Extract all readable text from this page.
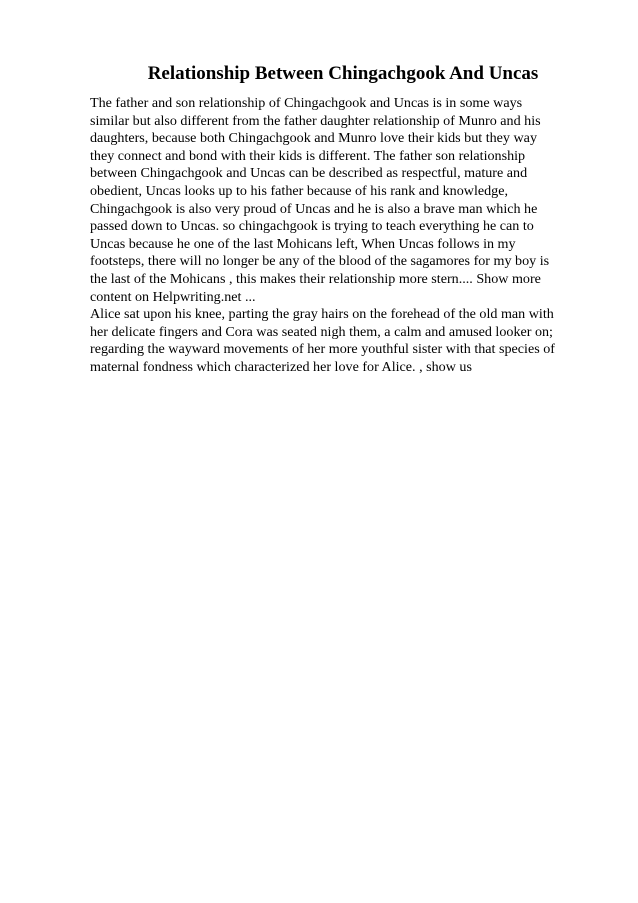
Relationship Between Chingachgook And Uncas
The father and son relationship of Chingachgook and Uncas is in some ways
similar but also different from the father daughter relationship of Munro and his
daughters, because both Chingachgook and Munro love their kids but they way
they connect and bond with their kids is different. The father son relationship
between Chingachgook and Uncas can be described as respectful, mature and
obedient, Uncas looks up to his father because of his rank and knowledge,
Chingachgook is also very proud of Uncas and he is also a brave man which he
passed down to Uncas. so chingachgook is trying to teach everything he can to
Uncas because he one of the last Mohicans left, When Uncas follows in my
footsteps, there will no longer be any of the blood of the sagamores for my boy is
the last of the Mohicans , this makes their relationship more stern.... Show more
content on Helpwriting.net ...
Alice sat upon his knee, parting the gray hairs on the forehead of the old man with
her delicate fingers and Cora was seated nigh them, a calm and amused looker on;
regarding the wayward movements of her more youthful sister with that species of
maternal fondness which characterized her love for Alice. , show us
